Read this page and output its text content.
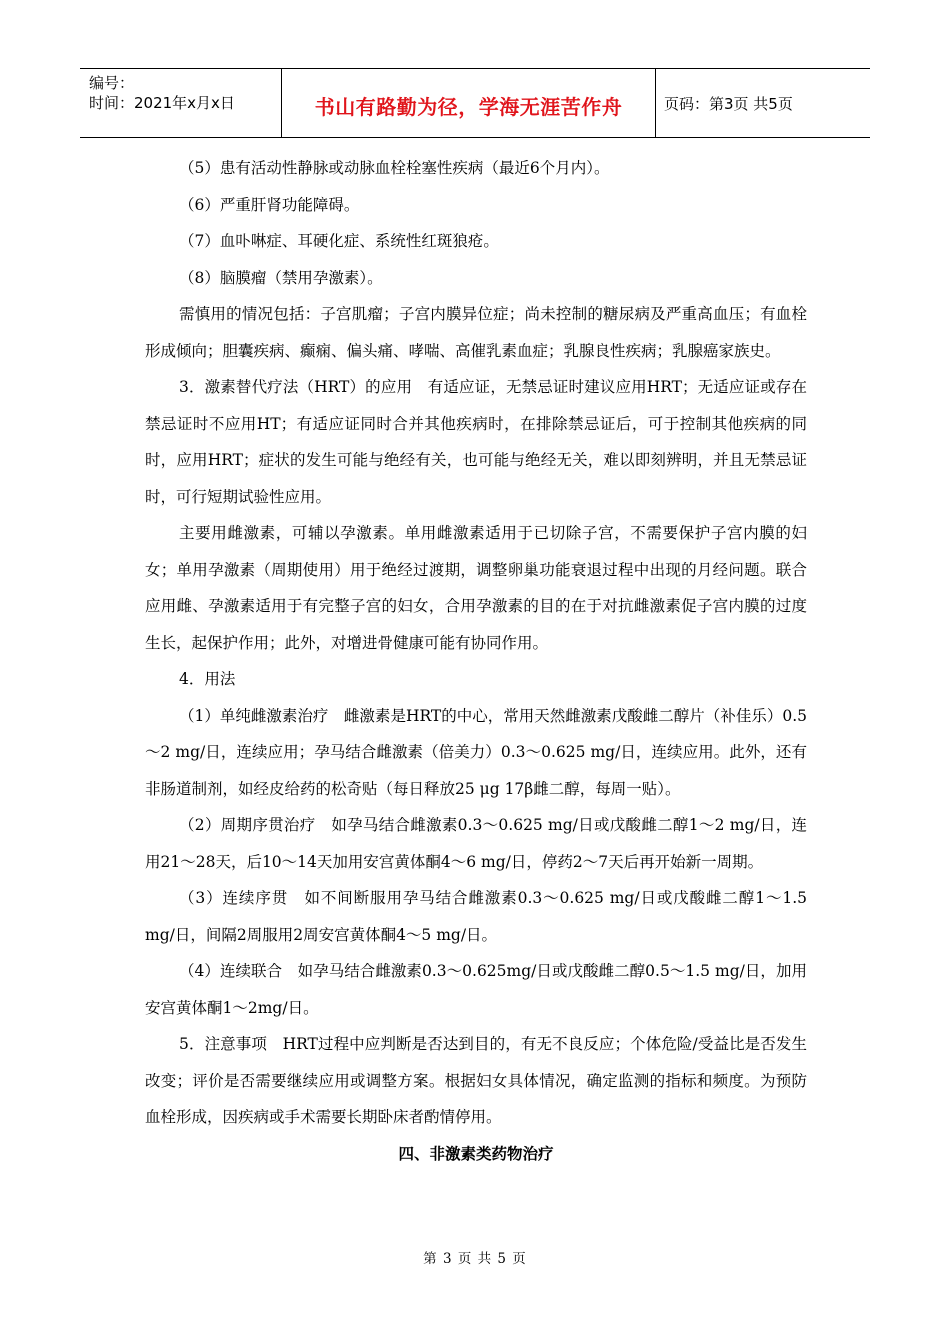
编号：
时间：2021年x月x日	书山有路勤为径，学海无涯苦作舟	页码：第3页 共5页

（5）患有活动性静脉或动脉血栓栓塞性疾病（最近6个月内）。

（6）严重肝肾功能障碍。

（7）血卟啉症、耳硬化症、系统性红斑狼疮。

（8）脑膜瘤（禁用孕激素）。

需慎用的情况包括：子宫肌瘤；子宫内膜异位症；尚未控制的糖尿病及严重高血压；有血栓形成倾向；胆囊疾病、癫痫、偏头痛、哮喘、高催乳素血症；乳腺良性疾病；乳腺癌家族史。

3．激素替代疗法（HRT）的应用　有适应证，无禁忌证时建议应用HRT；无适应证或存在禁忌证时不应用HT；有适应证同时合并其他疾病时，在排除禁忌证后，可于控制其他疾病的同时，应用HRT；症状的发生可能与绝经有关，也可能与绝经无关，难以即刻辨明，并且无禁忌证时，可行短期试验性应用。

主要用雌激素，可辅以孕激素。单用雌激素适用于已切除子宫，不需要保护子宫内膜的妇女；单用孕激素（周期使用）用于绝经过渡期，调整卵巢功能衰退过程中出现的月经问题。联合应用雌、孕激素适用于有完整子宫的妇女，合用孕激素的目的在于对抗雌激素促子宫内膜的过度生长，起保护作用；此外，对增进骨健康可能有协同作用。

4．用法

（1）单纯雌激素治疗　雌激素是HRT的中心，常用天然雌激素戊酸雌二醇片（补佳乐）0.5～2 mg/日，连续应用；孕马结合雌激素（倍美力）0.3～0.625 mg/日，连续应用。此外，还有非肠道制剂，如经皮给药的松奇贴（每日释放25 μg 17β雌二醇，每周一贴）。

（2）周期序贯治疗　如孕马结合雌激素0.3～0.625 mg/日或戊酸雌二醇1～2 mg/日，连用21～28天，后10～14天加用安宫黄体酮4～6 mg/日，停药2～7天后再开始新一周期。

（3）连续序贯　如不间断服用孕马结合雌激素0.3～0.625 mg/日或戊酸雌二醇1～1.5 mg/日，间隔2周服用2周安宫黄体酮4～5 mg/日。

（4）连续联合　如孕马结合雌激素0.3～0.625mg/日或戊酸雌二醇0.5～1.5 mg/日，加用安宫黄体酮1～2mg/日。

5．注意事项　HRT过程中应判断是否达到目的，有无不良反应；个体危险/受益比是否发生改变；评价是否需要继续应用或调整方案。根据妇女具体情况，确定监测的指标和频度。为预防血栓形成，因疾病或手术需要长期卧床者酌情停用。

四、非激素类药物治疗

第 3 页 共 5 页
